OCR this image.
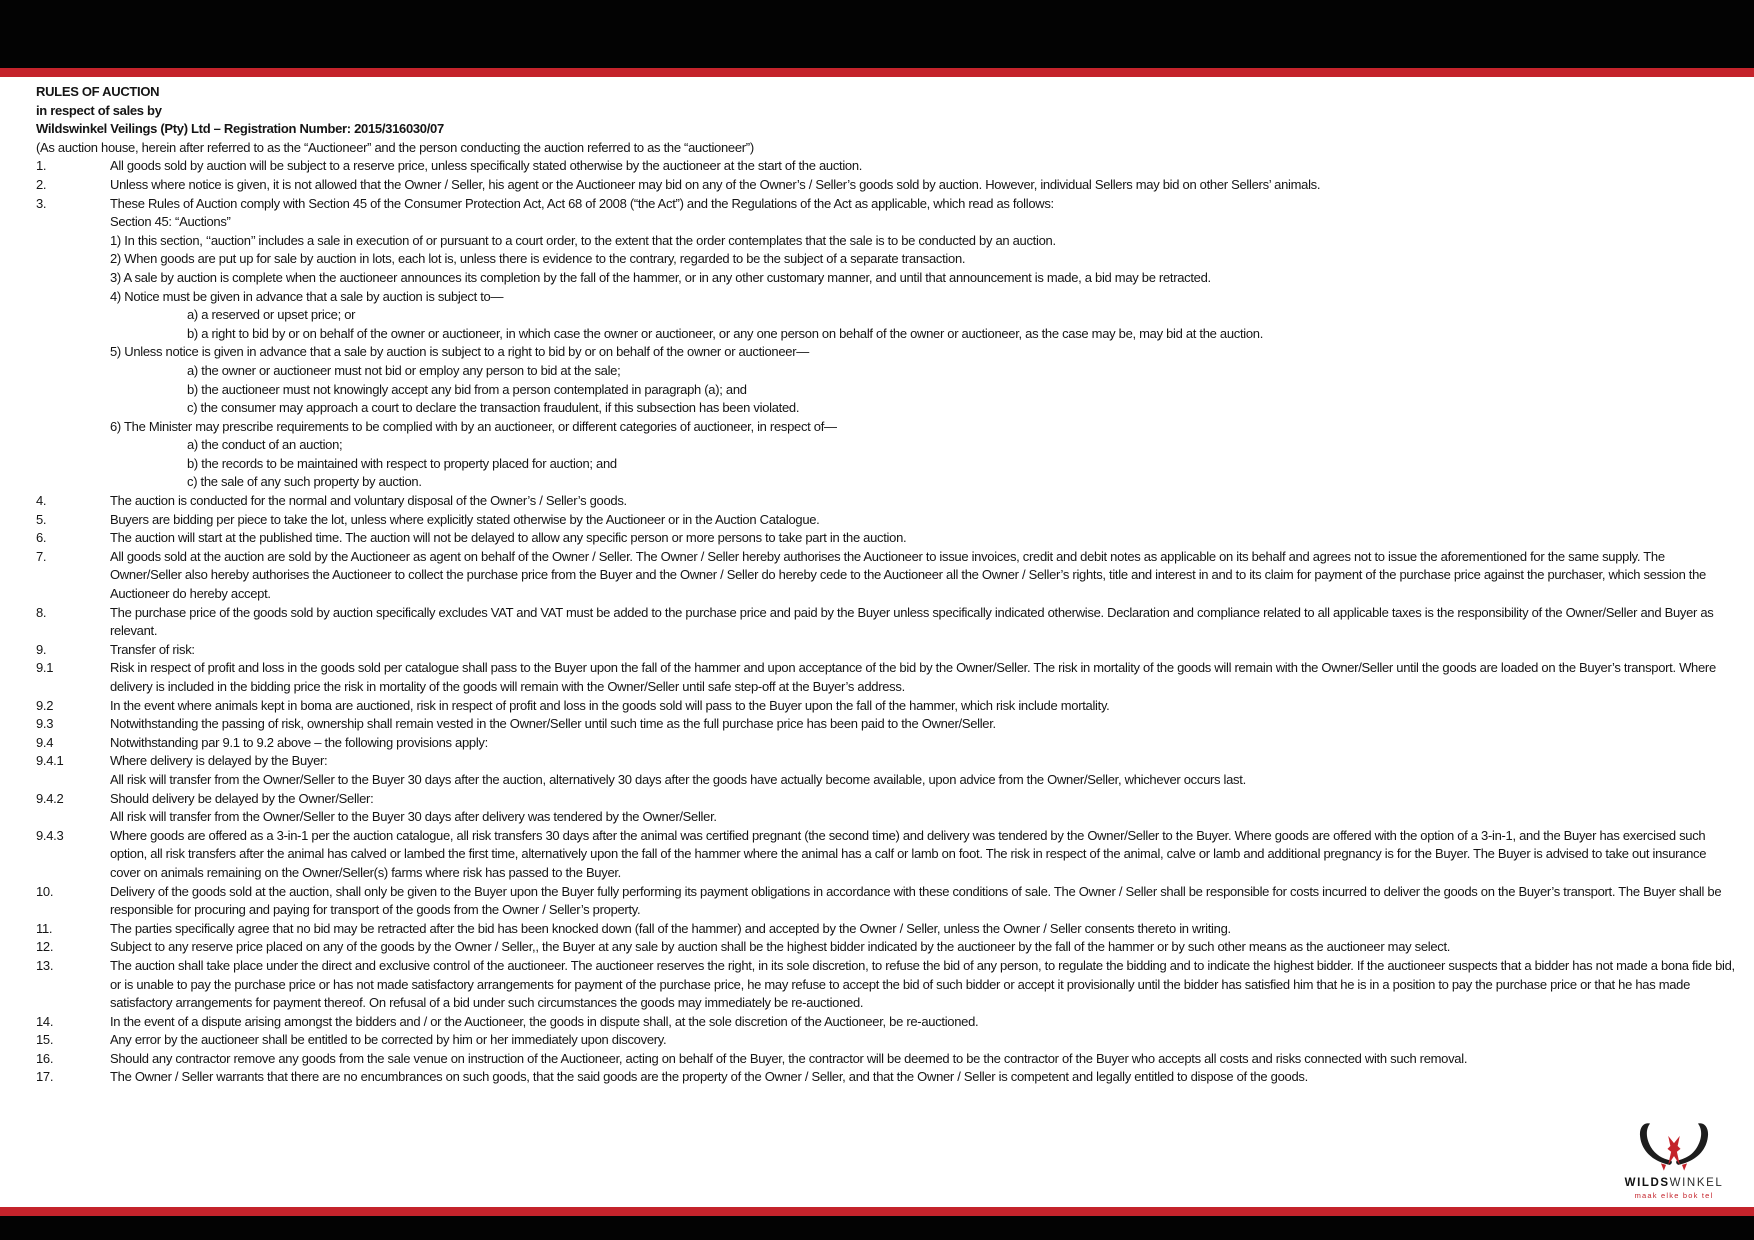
RULES OF AUCTION

in respect of sales by

Wildswinkel Veilings (Pty) Ltd – Registration Number: 2015/316030/07

(As auction house, herein after referred to as the “Auctioneer” and the person conducting the auction referred to as the “auctioneer”)

1.	All goods sold by auction will be subject to a reserve price, unless specifically stated otherwise by the auctioneer at the start of the auction.

2.	Unless where notice is given, it is not allowed that the Owner / Seller, his agent or the Auctioneer may bid on any of the Owner’s / Seller’s goods sold by auction. However, individual Sellers may bid on other Sellers’ animals.

3.	These Rules of Auction comply with Section 45 of the Consumer Protection Act, Act 68 of 2008 (“the Act”) and the Regulations of the Act as applicable, which read as follows:

Section 45: “Auctions”

1) In this section, ‘‘auction’’ includes a sale in execution of or pursuant to a court order, to the extent that the order contemplates that the sale is to be conducted by an auction.

2) When goods are put up for sale by auction in lots, each lot is, unless there is evidence to the contrary, regarded to be the subject of a separate transaction.

3) A sale by auction is complete when the auctioneer announces its completion by the fall of the hammer, or in any other customary manner, and until that announcement is made, a bid may be retracted.

4) Notice must be given in advance that a sale by auction is subject to—

a) a reserved or upset price; or

b) a right to bid by or on behalf of the owner or auctioneer, in which case the owner or auctioneer, or any one person on behalf of the owner or auctioneer, as the case may be, may bid at the auction.

5) Unless notice is given in advance that a sale by auction is subject to a right to bid by or on behalf of the owner or auctioneer—

a) the owner or auctioneer must not bid or employ any person to bid at the sale;

b) the auctioneer must not knowingly accept any bid from a person contemplated in paragraph (a); and

c) the consumer may approach a court to declare the transaction fraudulent, if this subsection has been violated.

6) The Minister may prescribe requirements to be complied with by an auctioneer, or different categories of auctioneer, in respect of—

a) the conduct of an auction;

b) the records to be maintained with respect to property placed for auction; and

c) the sale of any such property by auction.

4.	The auction is conducted for the normal and voluntary disposal of the Owner’s / Seller’s goods.

5.	Buyers are bidding per piece to take the lot, unless where explicitly stated otherwise by the Auctioneer or in the Auction Catalogue.

6.	The auction will start at the published time. The auction will not be delayed to allow any specific person or more persons to take part in the auction.

7.	All goods sold at the auction are sold by the Auctioneer as agent on behalf of the Owner / Seller. The Owner / Seller hereby authorises the Auctioneer to issue invoices, credit and debit notes as applicable on its behalf and agrees not to issue the aforementioned for the same supply. The Owner/Seller also hereby authorises the Auctioneer to collect the purchase price from the Buyer and the Owner / Seller do hereby cede to the Auctioneer all the Owner / Seller’s rights, title and interest in and to its claim for payment of the purchase price against the purchaser, which session the Auctioneer do hereby accept.

8.	The purchase price of the goods sold by auction specifically excludes VAT and VAT must be added to the purchase price and paid by the Buyer unless specifically indicated otherwise. Declaration and compliance related to all applicable taxes is the responsibility of the Owner/Seller and Buyer as relevant.

9.	Transfer of risk:

9.1	Risk in respect of profit and loss in the goods sold per catalogue shall pass to the Buyer upon the fall of the hammer and upon acceptance of the bid by the Owner/Seller. The risk in mortality of the goods will remain with the Owner/Seller until the goods are loaded on the Buyer’s transport. Where delivery is included in the bidding price the risk in mortality of the goods will remain with the Owner/Seller until safe step-off at the Buyer’s address.

9.2	In the event where animals kept in boma are auctioned, risk in respect of profit and loss in the goods sold will pass to the Buyer upon the fall of the hammer, which risk include mortality.

9.3	Notwithstanding the passing of risk, ownership shall remain vested in the Owner/Seller until such time as the full purchase price has been paid to the Owner/Seller.

9.4	Notwithstanding par 9.1 to 9.2 above – the following provisions apply:

9.4.1	Where delivery is delayed by the Buyer:

All risk will transfer from the Owner/Seller to the Buyer 30 days after the auction, alternatively 30 days after the goods have actually become available, upon advice from the Owner/Seller, whichever occurs last.

9.4.2	Should delivery be delayed by the Owner/Seller:

All risk will transfer from the Owner/Seller to the Buyer 30 days after delivery was tendered by the Owner/Seller.

9.4.3	Where goods are offered as a 3-in-1 per the auction catalogue, all risk transfers 30 days after the animal was certified pregnant (the second time) and delivery was tendered by the Owner/Seller to the Buyer. Where goods are offered with the option of a 3-in-1, and the Buyer has exercised such option, all risk transfers after the animal has calved or lambed the first time, alternatively upon the fall of the hammer where the animal has a calf or lamb on foot. The risk in respect of the animal, calve or lamb and additional pregnancy is for the Buyer. The Buyer is advised to take out insurance cover on animals remaining on the Owner/Seller(s) farms where risk has passed to the Buyer.

10.	Delivery of the goods sold at the auction, shall only be given to the Buyer upon the Buyer fully performing its payment obligations in accordance with these conditions of sale. The Owner / Seller shall be responsible for costs incurred to deliver the goods on the Buyer’s transport. The Buyer shall be responsible for procuring and paying for transport of the goods from the Owner / Seller’s property.

11.	The parties specifically agree that no bid may be retracted after the bid has been knocked down (fall of the hammer) and accepted by the Owner / Seller, unless the Owner / Seller consents thereto in writing.

12.	Subject to any reserve price placed on any of the goods by the Owner / Seller,, the Buyer at any sale by auction shall be the highest bidder indicated by the auctioneer by the fall of the hammer or by such other means as the auctioneer may select.

13.	The auction shall take place under the direct and exclusive control of the auctioneer. The auctioneer reserves the right, in its sole discretion, to refuse the bid of any person, to regulate the bidding and to indicate the highest bidder. If the auctioneer suspects that a bidder has not made a bona fide bid, or is unable to pay the purchase price or has not made satisfactory arrangements for payment of the purchase price, he may refuse to accept the bid of such bidder or accept it provisionally until the bidder has satisfied him that he is in a position to pay the purchase price or that he has made satisfactory arrangements for payment thereof. On refusal of a bid under such circumstances the goods may immediately be re-auctioned.

14.	In the event of a dispute arising amongst the bidders and / or the Auctioneer, the goods in dispute shall, at the sole discretion of the Auctioneer, be re-auctioned.

15.	Any error by the auctioneer shall be entitled to be corrected by him or her immediately upon discovery.

16.	Should any contractor remove any goods from the sale venue on instruction of the Auctioneer, acting on behalf of the Buyer, the contractor will be deemed to be the contractor of the Buyer who accepts all costs and risks connected with such removal.

17.	The Owner / Seller warrants that there are no encumbrances on such goods, that the said goods are the property of the Owner / Seller, and that the Owner / Seller is competent and legally entitled to dispose of the goods.

WILDSWINKEL
maak elke bok tel
